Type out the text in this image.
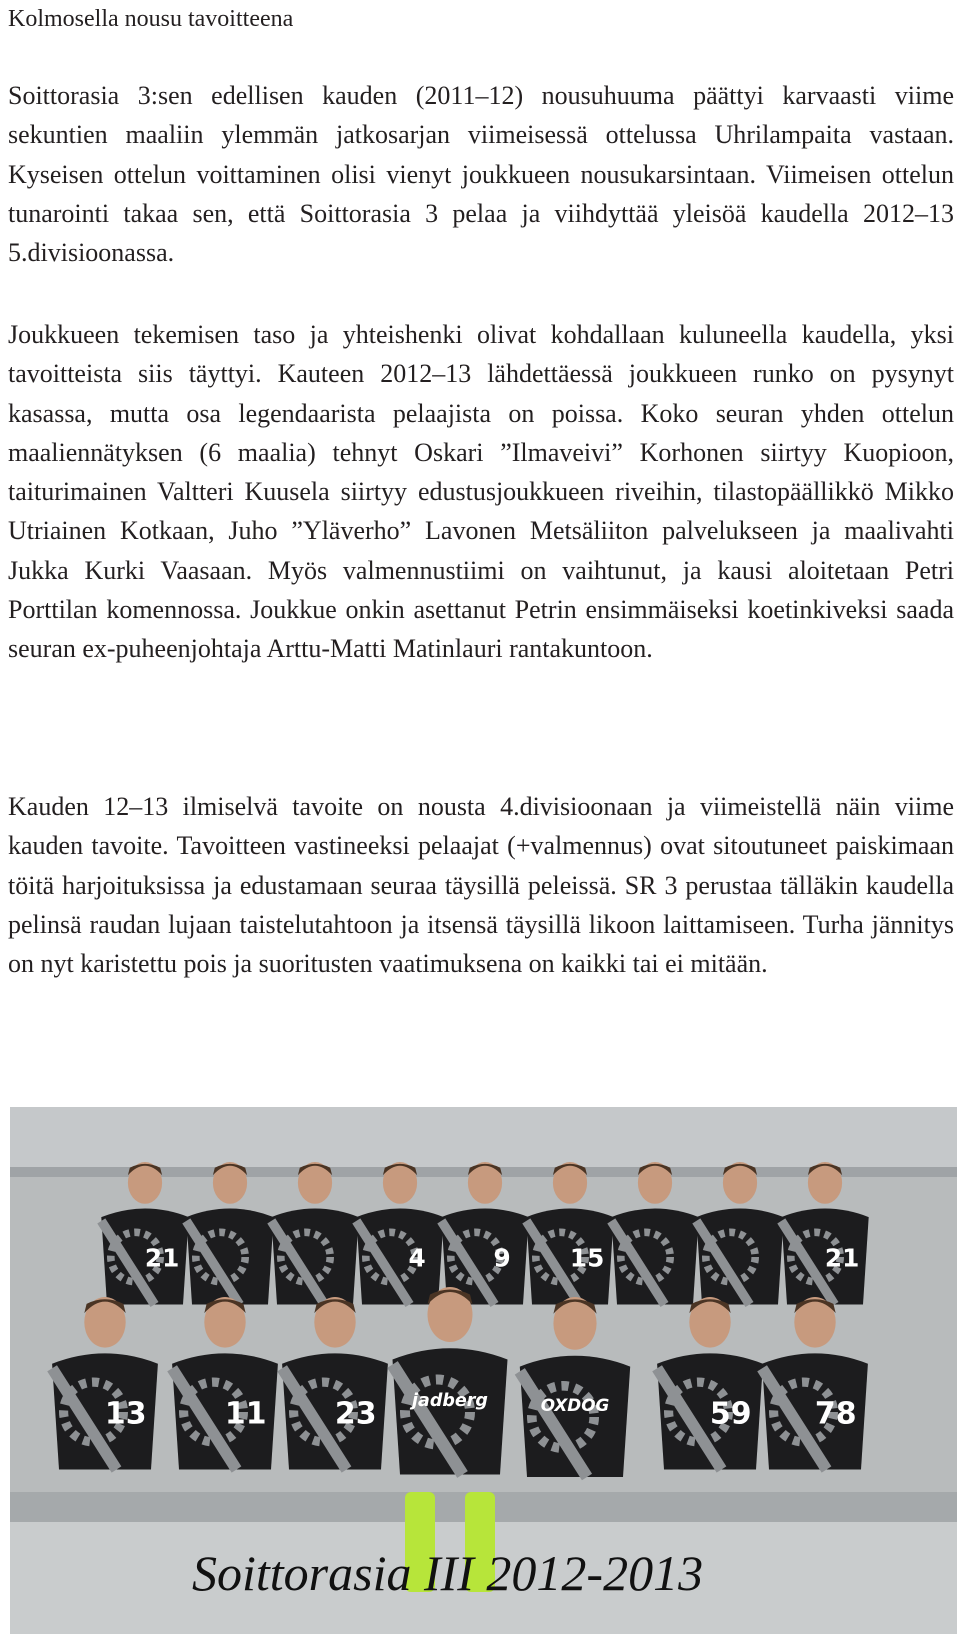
Kolmosella nousu tavoitteena

Soittorasia 3:sen edellisen kauden (2011–12) nousuhuuma päättyi karvaasti viime sekuntien maaliin ylemmän jatkosarjan viimeisessä ottelussa Uhrilampaita vastaan. Kyseisen ottelun voittaminen olisi vienyt joukkueen nousukarsintaan. Viimeisen ottelun tunarointi takaa sen, että Soittorasia 3 pelaa ja viihdyttää yleisöä kaudella 2012–13 5.divisioonassa.

Joukkueen tekemisen taso ja yhteishenki olivat kohdallaan kuluneella kaudella, yksi tavoitteista siis täyttyi. Kauteen 2012–13 lähdettäessä joukkueen runko on pysynyt kasassa, mutta osa legendaarista pelaajista on poissa. Koko seuran yhden ottelun maaliennätyksen (6 maalia) tehnyt Oskari ”Ilmaveivi” Korhonen siirtyy Kuopioon, taiturimainen Valtteri Kuusela siirtyy edustusjoukkueen riveihin, tilastopäällikkö Mikko Utriainen Kotkaan, Juho ”Yläverho” Lavonen Metsäliiton palvelukseen ja maalivahti Jukka Kurki Vaasaan. Myös valmennustiimi on vaihtunut, ja kausi aloitetaan Petri Porttilan komennossa. Joukkue onkin asettanut Petrin ensimmäiseksi koetinkiveksi saada seuran ex-puheenjohtaja Arttu-Matti Matinlauri rantakuntoon.

Kauden 12–13 ilmiselvä tavoite on nousta 4.divisioonaan ja viimeistellä näin viime kauden tavoite. Tavoitteen vastineeksi pelaajat (+valmennus) ovat sitoutuneet paiskimaan töitä harjoituksissa ja edustamaan seuraa täysillä peleissä. SR 3 perustaa tälläkin kaudella pelinsä raudan lujaan taistelutahtoon ja itsensä täysillä likoon laittamiseen. Turha jännitys on nyt karistettu pois ja suoritusten vaatimuksena on kaikki tai ei mitään.

21	4	9 15	21
13	11 23	59 78
jadberg	OXDOG
Soittorasia III 2012-2013
